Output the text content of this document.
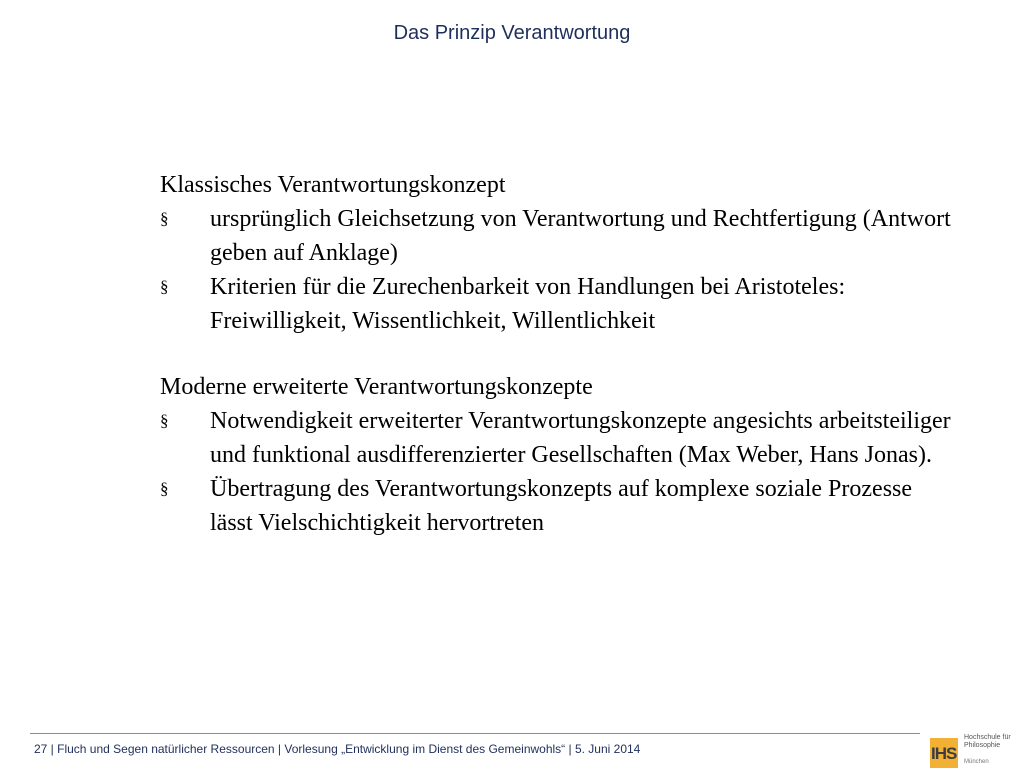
Das Prinzip Verantwortung
Klassisches Verantwortungskonzept
§ ursprünglich Gleichsetzung von Verantwortung und Rechtfertigung (Antwort geben auf Anklage)
§ Kriterien für die Zurechenbarkeit von Handlungen bei Aristoteles: Freiwilligkeit, Wissentlichkeit, Willentlichkeit
Moderne erweiterte Verantwortungskonzepte
§ Notwendigkeit erweiterter Verantwortungskonzepte angesichts arbeitsteiliger und funktional ausdifferenzierter Gesellschaften (Max Weber, Hans Jonas).
§ Übertragung des Verantwortungskonzepts auf komplexe soziale Prozesse lässt Vielschichtigkeit hervortreten
27 | Fluch und Segen natürlicher Ressourcen | Vorlesung „Entwicklung im Dienst des Gemeinwohls“ | 5. Juni 2014	IHS
Hochschule für Philosophie
München
